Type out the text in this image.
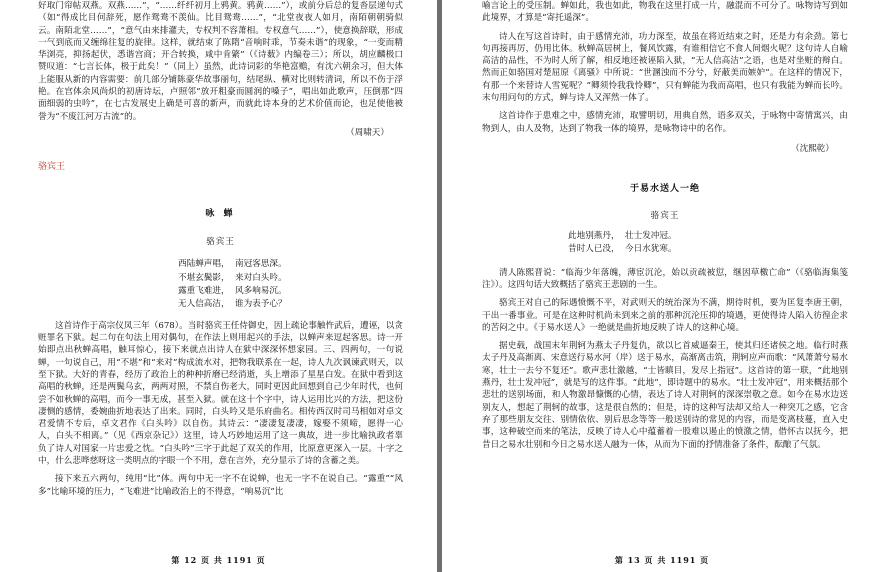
好取门帘帖双燕。双燕……”，“……纤纤初月上鸦黄。鸦黄……”），或前分后总的复沓层递句式（如“得成比目何辞死，愿作鸳鸯不羡仙。比目鸳鸯……”，“北堂夜夜人如月，南陌朝朝骑似云。南陌北堂……”，“意气由来排灌夫，专权判不容萧相。专权意气……”），使意换辞联，形成一气到底而又缠绵往复的旋律。这样，就结束了陈隋“音响时乖，节奏未谐”的现象，“一变而精华浏亮，抑扬起伏，悉谐宫商；开合转换，咸中肯綮”（《诗薮》内编卷三）；所以，胡应麟极口赞叹道：“七言长体，极于此矣！”（同上）虽然，此诗词彩的华艳富赡，有沈六朝余习，但大体上能服从新的内容需要：前几部分铺陈豪华故事丽句，结尾纵、横对比则转清词，所以不伤于浮艳。在宫体余风尚炽的初唐诗坛，卢照邻“放开粗豪而圆润的嗓子”，唱出如此歌声，压倒那“四面细弱的虫吟”，在七古发展史上确是可喜的新声，而就此诗本身的艺术价值而论，也足使他被誉为“不废江河万古流”的。

（周啸天）

骆宾王

咏 蝉

骆宾王

西陆蝉声唱，  南冠客思深。
不堪玄鬓影，  来对白头吟。
露重飞难进，  风多响易沉。
无人信高洁，  谁为表予心？

这首诗作于高宗仪凤三年（678）。当时骆宾王任侍御史，因上疏论事触忤武后，遭诬，以贪赃罪名下狱。起二句在句法上用对偶句，在作法上则用起兴的手法，以蝉声来逗起客思。诗一开始即点出秋蝉高唱，触耳惊心，接下来就点出诗人在狱中深深怀想家园。三、四两句，一句说蝉，一句说自己，用“不堪”和“来对”构成流水对，把物我联系在一起，诗人九次讽谏武则天，以至下狱。大好的青春，经历了政治上的种种折磨已经消逝，头上增添了星星白发。在狱中看到这高唱的秋蝉，还是两鬓乌玄，两两对照，不禁自伤老大，同时更因此回想到自己少年时代，也何尝不如秋蝉的高唱，而今一事无成，甚至入狱。就在这十个字中，诗人运用比兴的方法，把这份凄恻的感情，委婉曲折地表达了出来。同时，白头吟又是乐府曲名。相传西汉时司马相如对卓文君爱情不专后，卓文君作《白头吟》以自伤。其诗云：“凄凄复凄凄，嫁娶不须啼，愿得一心人，白头不相离。”（见《西京杂记》）这里，诗人巧妙地运用了这一典故，进一步比喻执政者辜负了诗人对国家一片忠爱之忱。“白头吟”三字于此起了双关的作用，比原意更深入一层。十字之中，什么悲哗慈呀这一类明点的字眼一个不用，意在言外，充分显示了诗的含蓄之美。

接下来五六两句，纯用“比”体。两句中无一字不在说蝉，也无一字不在说自己。“露重”“风多”比喻环境的压力，“飞难进”比喻政治上的不得意，“响易沉”比

第 12 页 共 1191 页

喻言论上的受压制。蝉如此，我也如此，物我在这里打成一片，融混而不可分了。咏物诗写到如此境界，才算是“寄托遥深”。

诗人在写这首诗时，由于感情充沛，功力深至，故虽在将近结束之时，还是力有余劲。第七句再接再厉，仍用比体。秋蝉高居树上，餐风饮露，有谁相信它不食人间烟火呢？这句诗人自喻高洁的品性，不为时人所了解，相反地还被诬陷入狱，“无人信高洁”之语，也是对坐赃的辩白。然而正如骆国对楚屈原《离骚》中所说：“世溷浊而不分兮，好蔽美而嫉妒”。在这样的情况下，有那一个来替诗人雪冤呢？“卿须怜我我怜卿”，只有蝉能为我而高唱，也只有我能为蝉而长吟。末句用问句的方式，蝉与诗人又浑然一体了。

这首诗作于患难之中，感情充沛，取譬明切，用典自然，语多双关，于咏物中寄情寓兴，由物到人，由人及物，达到了物我一体的境界，是咏物诗中的名作。

（沈熙乾）

于易水送人一绝

骆宾王

此地别燕丹，  壮士发冲冠。
昔时人已没，  今日水犹寒。

清人陈熙晋说：“临海少年落魄，薄宦沉沦，始以贡疏被愆，继因草檄亡命”（《骆临海集笺注》）。这四句话大致概括了骆宾王悲剧的一生。

骆宾王对自己的际遇愤慨不平，对武则天的统治深为不满，期待时机，要为匡复李唐王朝，干出一番事业。可是在这种时机尚未到来之前的那种沉沦压抑的境遇，更使得诗人陷入彷徨企求的苦闷之中。《于易水送人》一绝就是曲折地反映了诗人的这种心境。

据史载，战国末年荆轲为燕太子丹复仇，欲以匕首威逼秦王，使其归还诸侯之地。临行时燕太子丹及高渐离、宋意送行易水河（岸）送于易水，高渐离击筑，荆轲应声而歌：“风萧萧兮易水寒，壮士一去兮不复还”。歌声悲壮激越，“士皆瞋目，发尽上指冠”。这首诗的第一联，“此地别燕丹，壮士发冲冠”，就是写的这件事。“此地”，即诗题中的易水。“壮士发冲冠”，用来概括那个悲壮的送别场面，和人物激昂慷慨的心情，表达了诗人对荆轲的深深崇敬之意。如今在易水边送别友人，想起了荆轲的故事，这是很自然的；但是，诗的这种写法却又给人一种突兀之感，它含弃了那些朋友交往、别情依依、别后思念等等一般送别诗的常见的内容，而是变离枝蔓，直入史事，这种破空而来的笔法，反映了诗人心中蕴蓄着一股难以遏止的愤激之情，借怀古以抚今，把昔日之易水壮别和今日之易水送人融为一体，从而为下面的抒情准备了条件，酝酿了气氛。

第 13 页 共 1191 页
